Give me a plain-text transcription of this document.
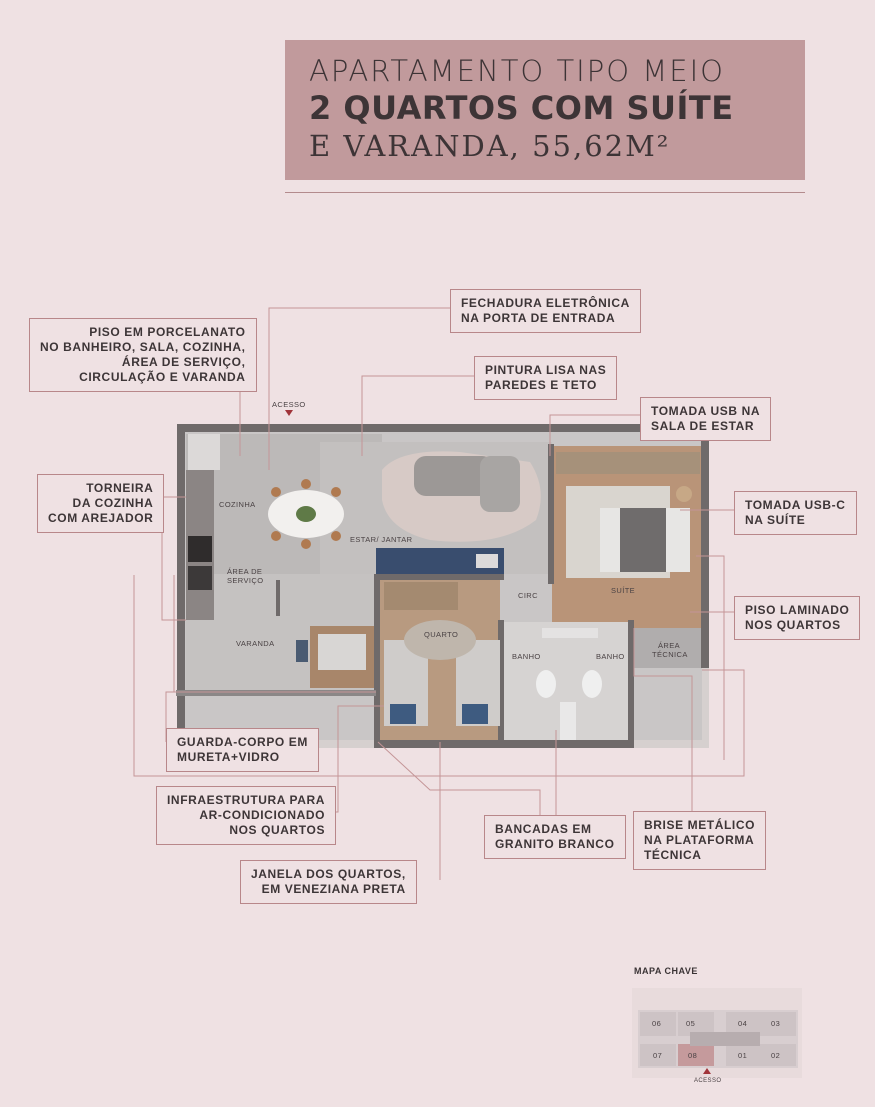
APARTAMENTO TIPO MEIO
2 QUARTOS COM SUÍTE
E VARANDA, 55,62M²
ACESSO
COZINHA
ESTAR/ JANTAR
ÁREA DE
SERVIÇO
VARANDA
QUARTO
CIRC
SUÍTE
BANHO	BANHO
ÁREA
TÉCNICA
06	05	04	03
07	08	01	02
ACESSO
PISO EM PORCELANATO
NO BANHEIRO, SALA, COZINHA,
ÁREA DE SERVIÇO,
CIRCULAÇÃO E VARANDA
FECHADURA ELETRÔNICA
NA PORTA DE ENTRADA
PINTURA LISA NAS
PAREDES E TETO
TOMADA USB NA
SALA DE ESTAR
TORNEIRA
DA COZINHA
COM AREJADOR
TOMADA USB-C
NA SUÍTE
PISO LAMINADO
NOS QUARTOS
GUARDA-CORPO EM
MURETA+VIDRO
INFRAESTRUTURA PARA
AR-CONDICIONADO
NOS QUARTOS	BANCADAS EM
GRANITO BRANCO
BRISE METÁLICO
NA PLATAFORMA
TÉCNICA
JANELA DOS QUARTOS,
EM VENEZIANA PRETA
MAPA CHAVE
